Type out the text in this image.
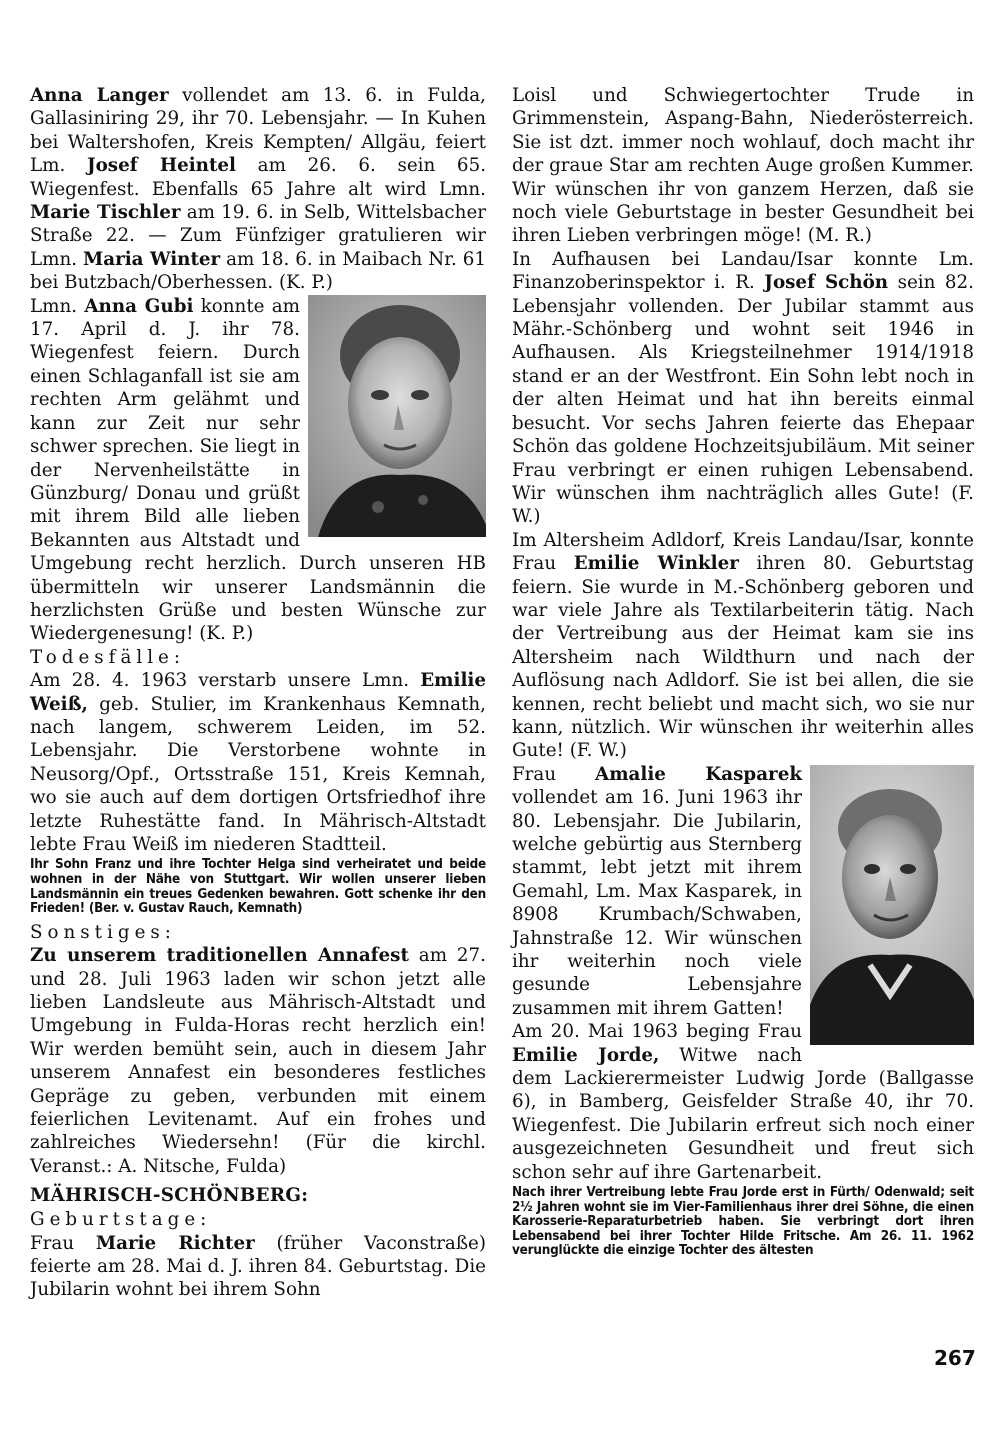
Anna Langer vollendet am 13. 6. in Fulda, Gallasiniring 29, ihr 70. Lebensjahr. — In Kuhen bei Waltershofen, Kreis Kempten/ Allgäu, feiert Lm. Josef Heintel am 26. 6. sein 65. Wiegenfest. Ebenfalls 65 Jahre alt wird Lmn. Marie Tischler am 19. 6. in Selb, Wittelsbacher Straße 22. — Zum Fünfziger gratulieren wir Lmn. Maria Winter am 18. 6. in Maibach Nr. 61 bei Butzbach/Oberhessen. (K. P.)

Lmn. Anna Gubi konnte am 17. April d. J. ihr 78. Wiegenfest feiern. Durch einen Schlaganfall ist sie am rechten Arm gelähmt und kann zur Zeit nur sehr schwer sprechen. Sie liegt in der Nervenheilstätte in Günzburg/ Donau und grüßt mit ihrem Bild alle lieben Bekannten aus Altstadt und Umgebung recht herzlich. Durch unseren HB übermitteln wir unserer Landsmännin die herzlichsten Grüße und besten Wünsche zur Wiedergenesung! (K. P.)

Todesfälle:

Am 28. 4. 1963 verstarb unsere Lmn. Emilie Weiß, geb. Stulier, im Krankenhaus Kemnath, nach langem, schwerem Leiden, im 52. Lebensjahr. Die Verstorbene wohnte in Neusorg/Opf., Ortsstraße 151, Kreis Kemnah, wo sie auch auf dem dortigen Ortsfriedhof ihre letzte Ruhestätte fand. In Mährisch-Altstadt lebte Frau Weiß im niederen Stadtteil.

Ihr Sohn Franz und ihre Tochter Helga sind verheiratet und beide wohnen in der Nähe von Stuttgart. Wir wollen unserer lieben Landsmännin ein treues Gedenken bewahren. Gott schenke ihr den Frieden! (Ber. v. Gustav Rauch, Kemnath)

Sonstiges:

Zu unserem traditionellen Annafest am 27. und 28. Juli 1963 laden wir schon jetzt alle lieben Landsleute aus Mährisch-Altstadt und Umgebung in Fulda-Horas recht herzlich ein! Wir werden bemüht sein, auch in diesem Jahr unserem Annafest ein besonderes festliches Gepräge zu geben, verbunden mit einem feierlichen Levitenamt. Auf ein frohes und zahlreiches Wiedersehn! (Für die kirchl. Veranst.: A. Nitsche, Fulda)

MÄHRISCH-SCHÖNBERG:

Geburtstage:

Frau Marie Richter (früher Vaconstraße) feierte am 28. Mai d. J. ihren 84. Geburtstag. Die Jubilarin wohnt bei ihrem Sohn

Loisl und Schwiegertochter Trude in Grimmenstein, Aspang-Bahn, Niederösterreich. Sie ist dzt. immer noch wohlauf, doch macht ihr der graue Star am rechten Auge großen Kummer. Wir wünschen ihr von ganzem Herzen, daß sie noch viele Geburtstage in bester Gesundheit bei ihren Lieben verbringen möge! (M. R.)

In Aufhausen bei Landau/Isar konnte Lm. Finanzoberinspektor i. R. Josef Schön sein 82. Lebensjahr vollenden. Der Jubilar stammt aus Mähr.-Schönberg und wohnt seit 1946 in Aufhausen. Als Kriegsteilnehmer 1914/1918 stand er an der Westfront. Ein Sohn lebt noch in der alten Heimat und hat ihn bereits einmal besucht. Vor sechs Jahren feierte das Ehepaar Schön das goldene Hochzeitsjubiläum. Mit seiner Frau verbringt er einen ruhigen Lebensabend. Wir wünschen ihm nachträglich alles Gute! (F. W.)

Im Altersheim Adldorf, Kreis Landau/Isar, konnte Frau Emilie Winkler ihren 80. Geburtstag feiern. Sie wurde in M.-Schönberg geboren und war viele Jahre als Textilarbeiterin tätig. Nach der Vertreibung aus der Heimat kam sie ins Altersheim nach Wildthurn und nach der Auflösung nach Adldorf. Sie ist bei allen, die sie kennen, recht beliebt und macht sich, wo sie nur kann, nützlich. Wir wünschen ihr weiterhin alles Gute! (F. W.)

Frau Amalie Kasparek vollendet am 16. Juni 1963 ihr 80. Lebensjahr. Die Jubilarin, welche gebürtig aus Sternberg stammt, lebt jetzt mit ihrem Gemahl, Lm. Max Kasparek, in 8908 Krumbach/Schwaben, Jahnstraße 12. Wir wünschen ihr weiterhin noch viele gesunde Lebensjahre zusammen mit ihrem Gatten!

Am 20. Mai 1963 beging Frau Emilie Jorde, Witwe nach dem Lackierermeister Ludwig Jorde (Ballgasse 6), in Bamberg, Geisfelder Straße 40, ihr 70. Wiegenfest. Die Jubilarin erfreut sich noch einer ausgezeichneten Gesundheit und freut sich schon sehr auf ihre Gartenarbeit.

Nach ihrer Vertreibung lebte Frau Jorde erst in Fürth/ Odenwald; seit 2½ Jahren wohnt sie im Vier-Familienhaus ihrer drei Söhne, die einen Karosserie-Reparaturbetrieb haben. Sie verbringt dort ihren Lebensabend bei ihrer Tochter Hilde Fritsche. Am 26. 11. 1962 verunglückte die einzige Tochter des ältesten

267
